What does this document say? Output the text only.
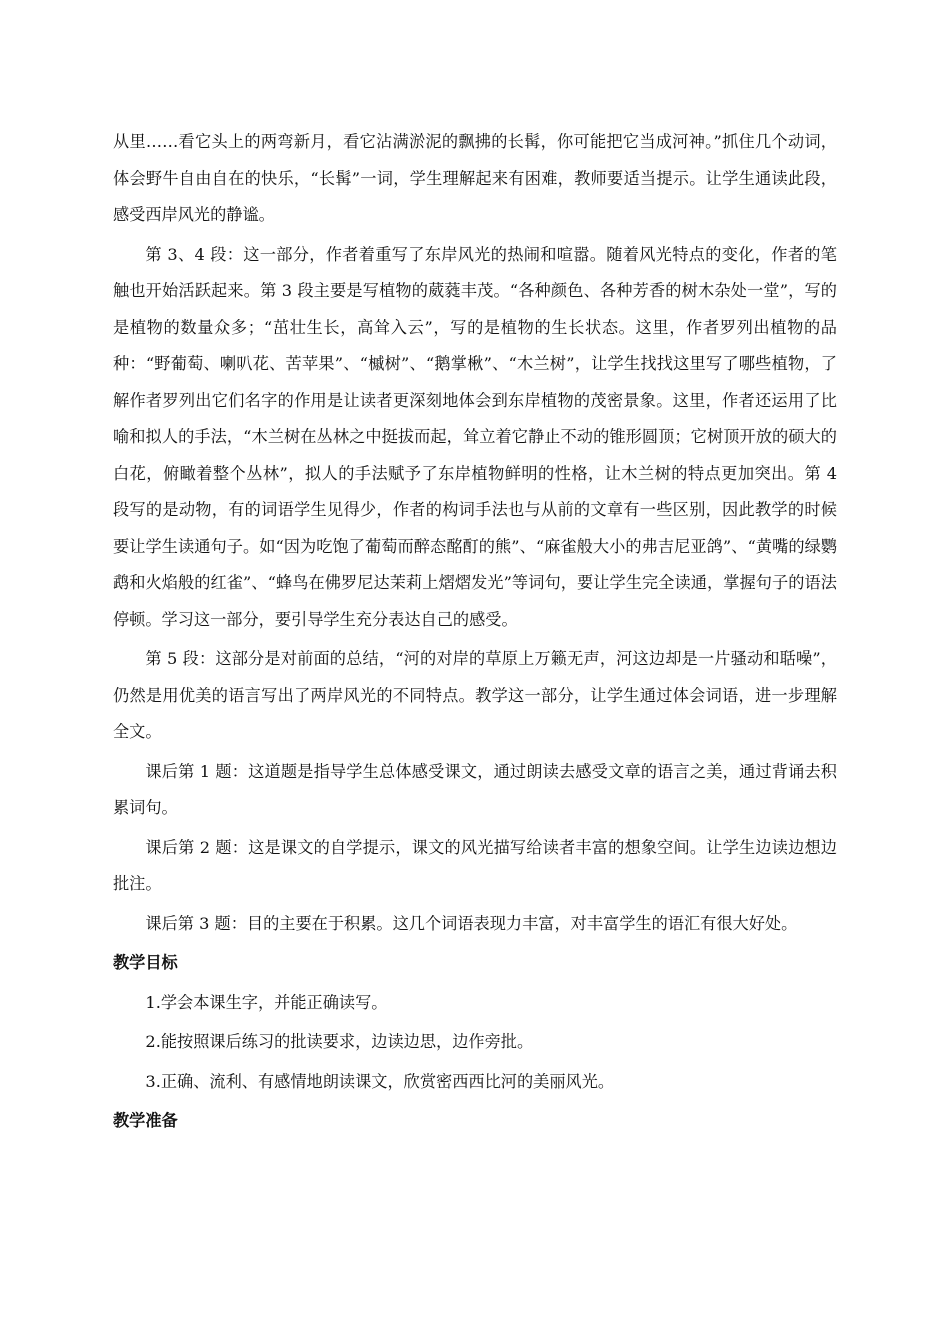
从里……看它头上的两弯新月，看它沾满淤泥的飘拂的长髯，你可能把它当成河神。”抓住几个动词，体会野牛自由自在的快乐，“长髯”一词，学生理解起来有困难，教师要适当提示。让学生通读此段，感受西岸风光的静谧。

第 3、4 段：这一部分，作者着重写了东岸风光的热闹和喧嚣。随着风光特点的变化，作者的笔触也开始活跃起来。第 3 段主要是写植物的葳蕤丰茂。“各种颜色、各种芳香的树木杂处一堂”，写的是植物的数量众多；“茁壮生长，高耸入云”，写的是植物的生长状态。这里，作者罗列出植物的品种：“野葡萄、喇叭花、苦苹果”、“槭树”、“鹅掌楸”、“木兰树”，让学生找找这里写了哪些植物，了解作者罗列出它们名字的作用是让读者更深刻地体会到东岸植物的茂密景象。这里，作者还运用了比喻和拟人的手法，“木兰树在丛林之中挺拔而起，耸立着它静止不动的锥形圆顶；它树顶开放的硕大的白花，俯瞰着整个丛林”，拟人的手法赋予了东岸植物鲜明的性格，让木兰树的特点更加突出。第 4 段写的是动物，有的词语学生见得少，作者的构词手法也与从前的文章有一些区别，因此教学的时候要让学生读通句子。如“因为吃饱了葡萄而醉态酩酊的熊”、“麻雀般大小的弗吉尼亚鸽”、“黄嘴的绿鹦鹉和火焰般的红雀”、“蜂鸟在佛罗尼达茉莉上熠熠发光”等词句，要让学生完全读通，掌握句子的语法停顿。学习这一部分，要引导学生充分表达自己的感受。

第 5 段：这部分是对前面的总结，“河的对岸的草原上万籁无声，河这边却是一片骚动和聒噪”，仍然是用优美的语言写出了两岸风光的不同特点。教学这一部分，让学生通过体会词语，进一步理解全文。

课后第 1 题：这道题是指导学生总体感受课文，通过朗读去感受文章的语言之美，通过背诵去积累词句。

课后第 2 题：这是课文的自学提示，课文的风光描写给读者丰富的想象空间。让学生边读边想边批注。

课后第 3 题：目的主要在于积累。这几个词语表现力丰富，对丰富学生的语汇有很大好处。

教学目标

1.学会本课生字，并能正确读写。

2.能按照课后练习的批读要求，边读边思，边作旁批。

3.正确、流利、有感情地朗读课文，欣赏密西西比河的美丽风光。

教学准备
